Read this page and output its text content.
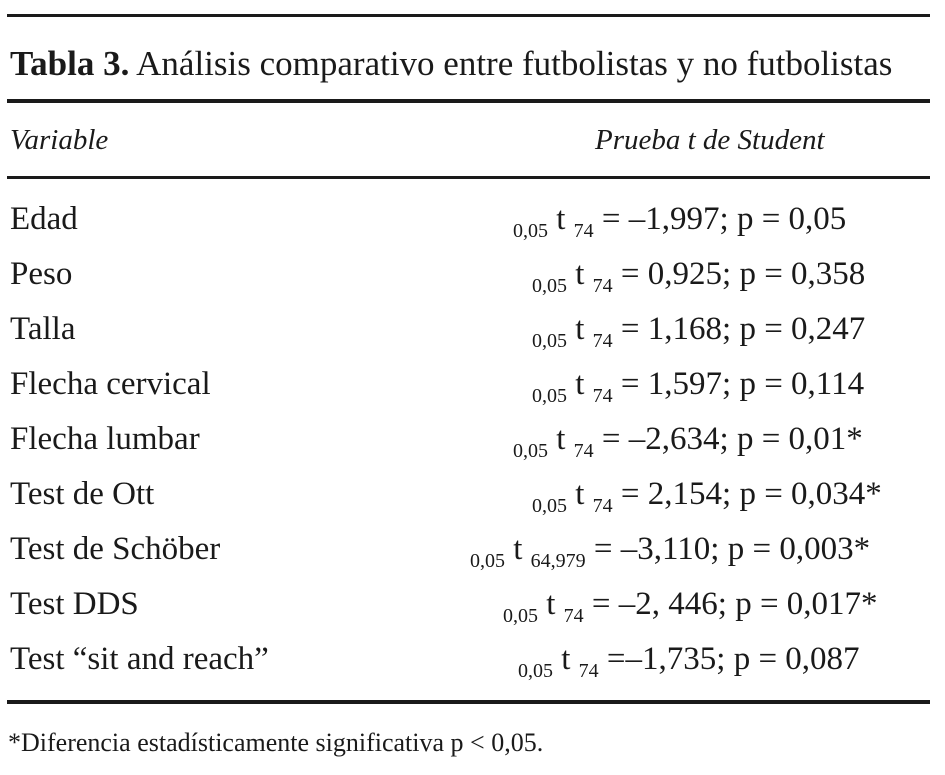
Tabla 3. Análisis comparativo entre futbolistas y no futbolistas
Variable	Prueba t de Student
Edad	$_{0,05}$ t $_{74}$ = –1,997; p = 0,05
Peso	$_{0,05}$ t $_{74}$ = 0,925; p = 0,358
Talla	$_{0,05}$ t $_{74}$ = 1,168; p = 0,247
Flecha cervical	$_{0,05}$ t $_{74}$ = 1,597; p = 0,114
Flecha lumbar	$_{0,05}$ t $_{74}$ = –2,634; p = 0,01*
Test de Ott	$_{0,05}$ t $_{74}$ = 2,154; p = 0,034*
Test de Schöber	$_{0,05}$ t $_{64,979}$ = –3,110; p = 0,003*
Test DDS	$_{0,05}$ t $_{74}$ = –2, 446; p = 0,017*
Test “sit and reach”	$_{0,05}$ t $_{74}$ =–1,735; p = 0,087
*Diferencia estadísticamente significativa p < 0,05.
